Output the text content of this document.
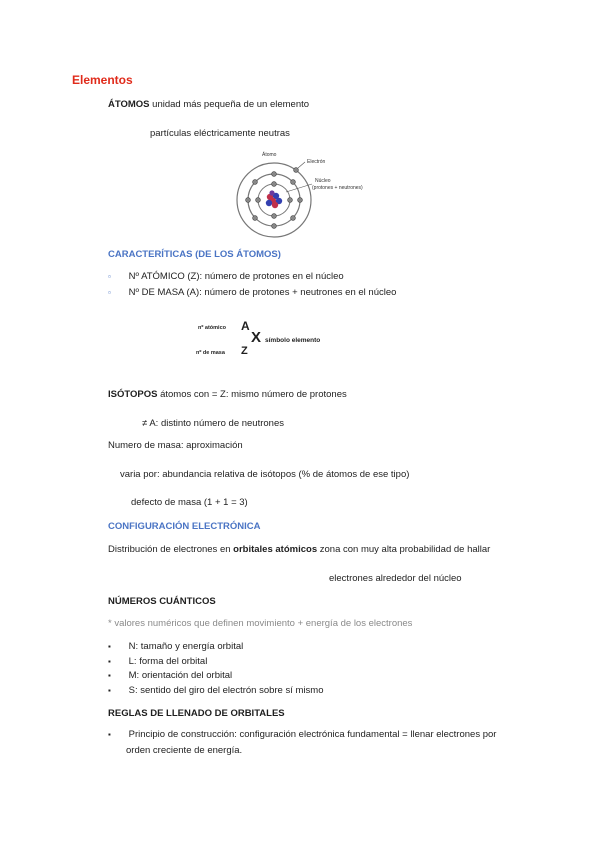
Elementos
ÁTOMOS unidad más pequeña de un elemento
partículas eléctricamente neutras
Átomo
Electrón
Núcleo
(protones + neutrones)
CARACTERÍTICAS (DE LOS ÁTOMOS)
▫ Nº ATÓMICO (Z): número de protones en el núcleo
▫ Nº DE MASA (A): número de protones + neutrones en el núcleo
nº atómico A
nº de masa Z
X símbolo elemento
ISÓTOPOS átomos con = Z: mismo número de protones
≠ A: distinto número de neutrones
Numero de masa: aproximación
varia por: abundancia relativa de isótopos (% de átomos de ese tipo)
defecto de masa (1 + 1 = 3)
CONFIGURACIÓN ELECTRÓNICA
Distribución de electrones en orbitales atómicos zona con muy alta probabilidad de hallar
electrones alrededor del núcleo
NÚMEROS CUÁNTICOS
* valores numéricos que definen movimiento + energía de los electrones
▪ N: tamaño y energía orbital
▪ L: forma del orbital
▪ M: orientación del orbital
▪ S: sentido del giro del electrón sobre sí mismo
REGLAS DE LLENADO DE ORBITALES
▪ Principio de construcción: configuración electrónica fundamental = llenar electrones por
orden creciente de energía.
